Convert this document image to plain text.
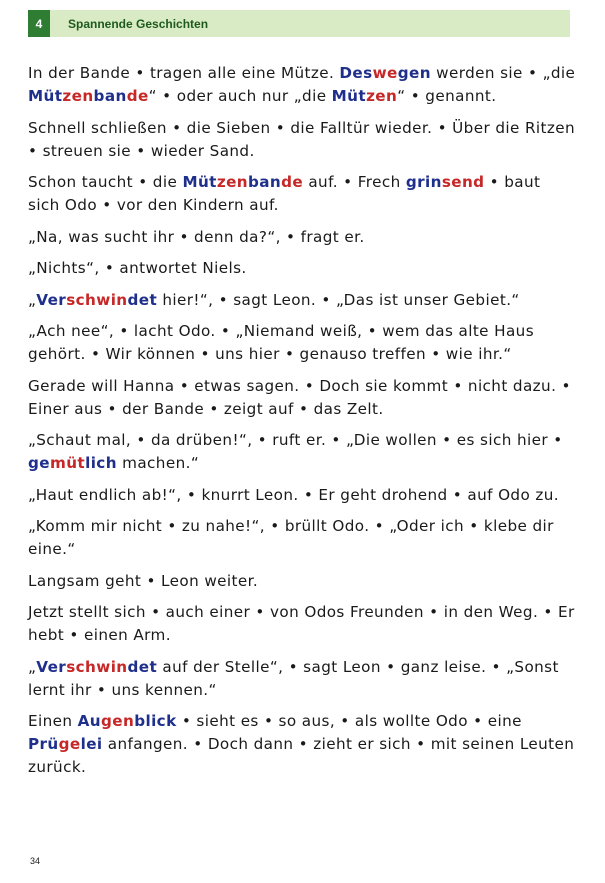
4	Spannende Geschichten

In der Bande • tragen alle eine Mütze. Deswegen werden sie • „die Mützenbande“ • oder auch nur „die Mützen“ • genannt.

Schnell schließen • die Sieben • die Falltür wieder. • Über die Ritzen • streuen sie • wieder Sand.

Schon taucht • die Mützenbande auf. • Frech grinsend • baut sich Odo • vor den Kindern auf.

„Na, was sucht ihr • denn da?“, • fragt er.

„Nichts“, • antwortet Niels.

„Verschwindet hier!“, • sagt Leon. • „Das ist unser Gebiet.“

„Ach nee“, • lacht Odo. • „Niemand weiß, • wem das alte Haus gehört. • Wir können • uns hier • genauso treffen • wie ihr.“

Gerade will Hanna • etwas sagen. • Doch sie kommt • nicht dazu. • Einer aus • der Bande • zeigt auf • das Zelt.

„Schaut mal, • da drüben!“, • ruft er. • „Die wollen • es sich hier • gemütlich machen.“

„Haut endlich ab!“, • knurrt Leon. • Er geht drohend • auf Odo zu.

„Komm mir nicht • zu nahe!“, • brüllt Odo. • „Oder ich • klebe dir eine.“

Langsam geht • Leon weiter.

Jetzt stellt sich • auch einer • von Odos Freunden • in den Weg. • Er hebt • einen Arm.

„Verschwindet auf der Stelle“, • sagt Leon • ganz leise. • „Sonst lernt ihr • uns kennen.“

Einen Augenblick • sieht es • so aus, • als wollte Odo • eine Prügelei anfangen. • Doch dann • zieht er sich • mit seinen Leuten zurück.

34
